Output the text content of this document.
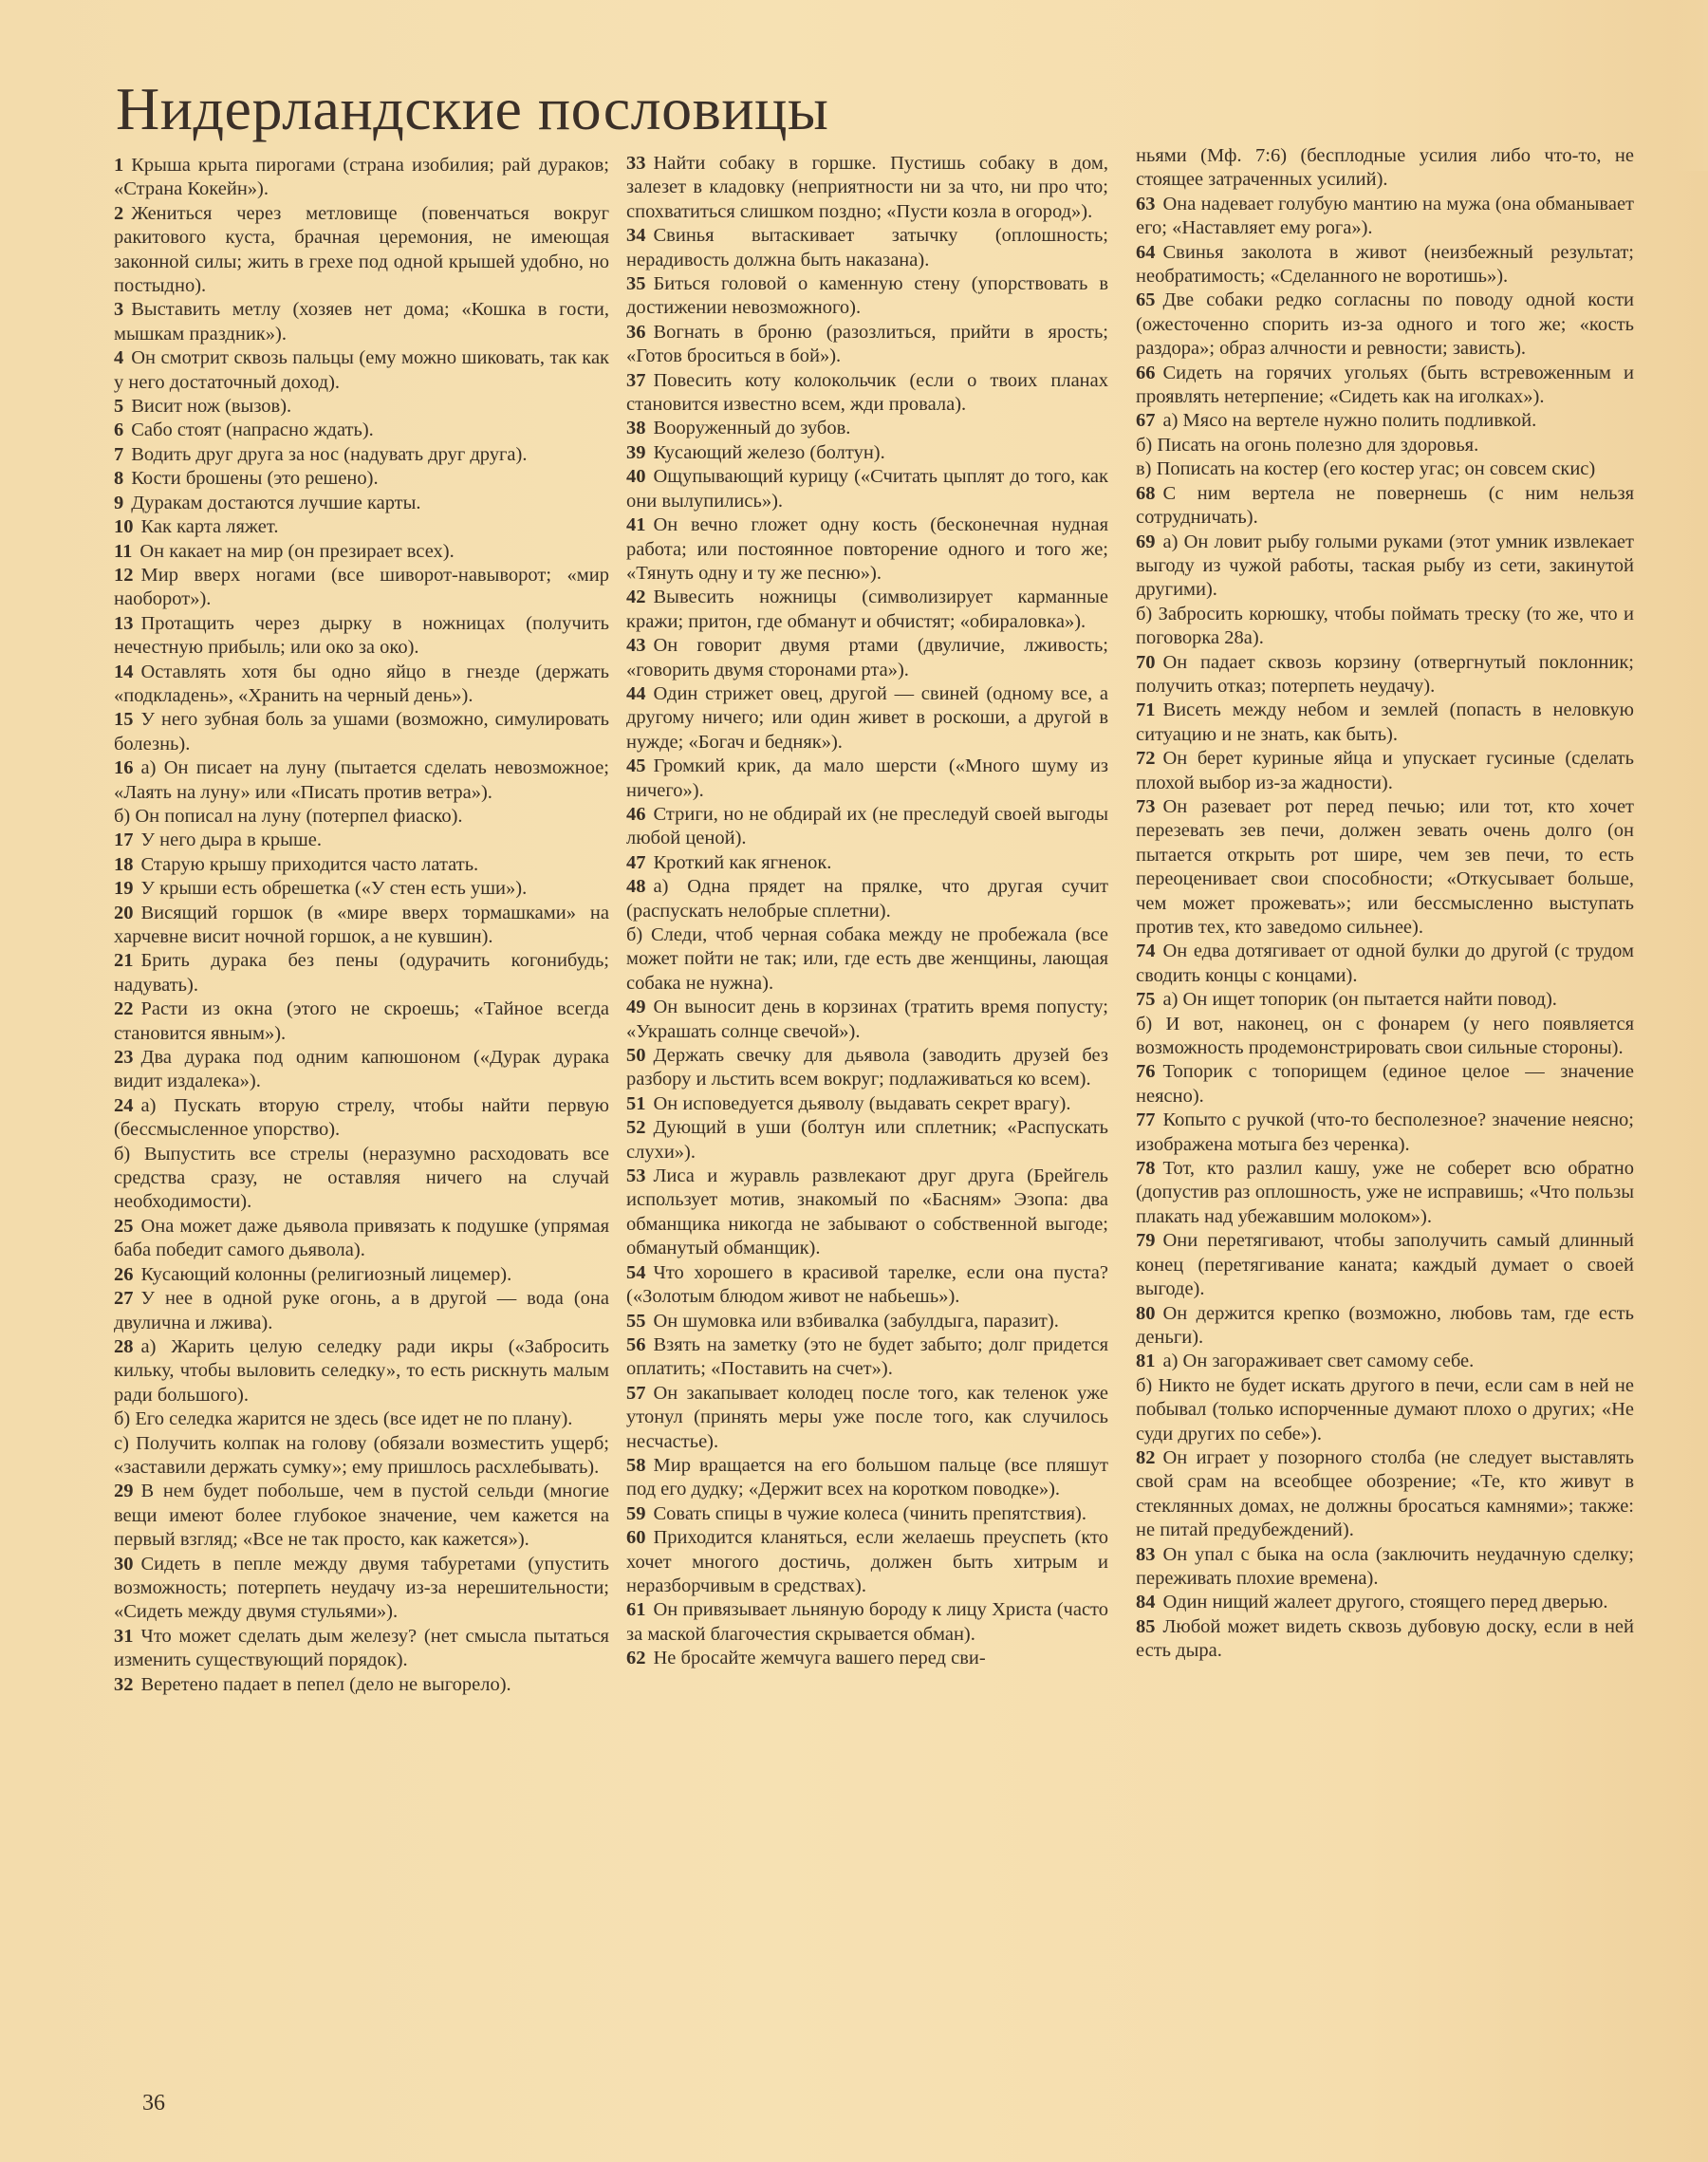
Нидерландские пословицы

1 Крыша крыта пирогами (страна изобилия; рай дураков; «Страна Кокейн»).

2 Жениться через метловище (повенчаться вокруг ракитового куста, брачная церемония, не имеющая законной силы; жить в грехе под одной крышей удобно, но постыдно).

3 Выставить метлу (хозяев нет дома; «Кошка в гости, мышкам праздник»).

4 Он смотрит сквозь пальцы (ему можно шиковать, так как у него достаточный доход).

5 Висит нож (вызов).

6 Сабо стоят (напрасно ждать).

7 Водить друг друга за нос (надувать друг друга).

8 Кости брошены (это решено).

9 Дуракам достаются лучшие карты.

10 Как карта ляжет.

11 Он какает на мир (он презирает всех).

12 Мир вверх ногами (все шиворот-навыворот; «мир наоборот»).

13 Протащить через дырку в ножницах (получить нечестную прибыль; или око за око).

14 Оставлять хотя бы одно яйцо в гнезде (держать «подкладень», «Хранить на черный день»).

15 У него зубная боль за ушами (возможно, симулировать болезнь).

16 а) Он писает на луну (пытается сделать невозможное; «Лаять на луну» или «Писать против ветра»).

б) Он пописал на луну (потерпел фиаско).

17 У него дыра в крыше.

18 Старую крышу приходится часто латать.

19 У крыши есть обрешетка («У стен есть уши»).

20 Висящий горшок (в «мире вверх тормашками» на харчевне висит ночной горшок, а не кувшин).

21 Брить дурака без пены (одурачить когонибудь; надувать).

22 Расти из окна (этого не скроешь; «Тайное всегда становится явным»).

23 Два дурака под одним капюшоном («Дурак дурака видит издалека»).

24 а) Пускать вторую стрелу, чтобы найти первую (бессмысленное упорство).

б) Выпустить все стрелы (неразумно расходовать все средства сразу, не оставляя ничего на случай необходимости).

25 Она может даже дьявола привязать к подушке (упрямая баба победит самого дьявола).

26 Кусающий колонны (религиозный лицемер).

27 У нее в одной руке огонь, а в другой — вода (она двулична и лжива).

28 а) Жарить целую селедку ради икры («Забросить кильку, чтобы выловить селедку», то есть рискнуть малым ради большого).

б) Его селедка жарится не здесь (все идет не по плану).

с) Получить колпак на голову (обязали возместить ущерб; «заставили держать сумку»; ему пришлось расхлебывать).

29 В нем будет побольше, чем в пустой сельди (многие вещи имеют более глубокое значение, чем кажется на первый взгляд; «Все не так просто, как кажется»).

30 Сидеть в пепле между двумя табуретами (упустить возможность; потерпеть неудачу из-за нерешительности; «Сидеть между двумя стульями»).

31 Что может сделать дым железу? (нет смысла пытаться изменить существующий порядок).

32 Веретено падает в пепел (дело не выгорело).

33 Найти собаку в горшке. Пустишь собаку в дом, залезет в кладовку (неприятности ни за что, ни про что; спохватиться слишком поздно; «Пусти козла в огород»).

34 Свинья вытаскивает затычку (оплошность; нерадивость должна быть наказана).

35 Биться головой о каменную стену (упорствовать в достижении невозможного).

36 Вогнать в броню (разозлиться, прийти в ярость; «Готов броситься в бой»).

37 Повесить коту колокольчик (если о твоих планах становится известно всем, жди провала).

38 Вооруженный до зубов.

39 Кусающий железо (болтун).

40 Ощупывающий курицу («Считать цыплят до того, как они вылупились»).

41 Он вечно гложет одну кость (бесконечная нудная работа; или постоянное повторение одного и того же; «Тянуть одну и ту же песню»).

42 Вывесить ножницы (символизирует карманные кражи; притон, где обманут и обчистят; «обираловка»).

43 Он говорит двумя ртами (двуличие, лживость; «говорить двумя сторонами рта»).

44 Один стрижет овец, другой — свиней (одному все, а другому ничего; или один живет в роскоши, а другой в нужде; «Богач и бедняк»).

45 Громкий крик, да мало шерсти («Много шуму из ничего»).

46 Стриги, но не обдирай их (не преследуй своей выгоды любой ценой).

47 Кроткий как ягненок.

48 а) Одна прядет на прялке, что другая сучит (распускать нелобрые сплетни).

б) Следи, чтоб черная собака между не пробежала (все может пойти не так; или, где есть две женщины, лающая собака не нужна).

49 Он выносит день в корзинах (тратить время попусту; «Украшать солнце свечой»).

50 Держать свечку для дьявола (заводить друзей без разбору и льстить всем вокруг; подлаживаться ко всем).

51 Он исповедуется дьяволу (выдавать секрет врагу).

52 Дующий в уши (болтун или сплетник; «Распускать слухи»).

53 Лиса и журавль развлекают друг друга (Брейгель использует мотив, знакомый по «Басням» Эзопа: два обманщика никогда не забывают о собственной выгоде; обманутый обманщик).

54 Что хорошего в красивой тарелке, если она пуста? («Золотым блюдом живот не набьешь»).

55 Он шумовка или взбивалка (забулдыга, паразит).

56 Взять на заметку (это не будет забыто; долг придется оплатить; «Поставить на счет»).

57 Он закапывает колодец после того, как теленок уже утонул (принять меры уже после того, как случилось несчастье).

58 Мир вращается на его большом пальце (все пляшут под его дудку; «Держит всех на коротком поводке»).

59 Совать спицы в чужие колеса (чинить препятствия).

60 Приходится кланяться, если желаешь преуспеть (кто хочет многого достичь, должен быть хитрым и неразборчивым в средствах).

61 Он привязывает льняную бороду к лицу Христа (часто за маской благочестия скрывается обман).

62 Не бросайте жемчуга вашего перед сви-

ньями (Мф. 7:6) (бесплодные усилия либо что-то, не стоящее затраченных усилий).

63 Она надевает голубую мантию на мужа (она обманывает его; «Наставляет ему рога»).

64 Свинья заколота в живот (неизбежный результат; необратимость; «Сделанного не воротишь»).

65 Две собаки редко согласны по поводу одной кости (ожесточенно спорить из-за одного и того же; «кость раздора»; образ алчности и ревности; зависть).

66 Сидеть на горячих угольях (быть встревоженным и проявлять нетерпение; «Сидеть как на иголках»).

67 а) Мясо на вертеле нужно полить подливкой.

б) Писать на огонь полезно для здоровья.

в) Пописать на костер (его костер угас; он совсем скис)

68 С ним вертела не повернешь (с ним нельзя сотрудничать).

69 а) Он ловит рыбу голыми руками (этот умник извлекает выгоду из чужой работы, таская рыбу из сети, закинутой другими).

б) Забросить корюшку, чтобы поймать треску (то же, что и поговорка 28а).

70 Он падает сквозь корзину (отвергнутый поклонник; получить отказ; потерпеть неудачу).

71 Висеть между небом и землей (попасть в неловкую ситуацию и не знать, как быть).

72 Он берет куриные яйца и упускает гусиные (сделать плохой выбор из-за жадности).

73 Он разевает рот перед печью; или тот, кто хочет перезевать зев печи, должен зевать очень долго (он пытается открыть рот шире, чем зев печи, то есть переоценивает свои способности; «Откусывает больше, чем может прожевать»; или бессмысленно выступать против тех, кто заведомо сильнее).

74 Он едва дотягивает от одной булки до другой (с трудом сводить концы с концами).

75 а) Он ищет топорик (он пытается найти повод).

б) И вот, наконец, он с фонарем (у него появляется возможность продемонстрировать свои сильные стороны).

76 Топорик с топорищем (единое целое — значение неясно).

77 Копыто с ручкой (что-то бесполезное? значение неясно; изображена мотыга без черенка).

78 Тот, кто разлил кашу, уже не соберет всю обратно (допустив раз оплошность, уже не исправишь; «Что пользы плакать над убежавшим молоком»).

79 Они перетягивают, чтобы заполучить самый длинный конец (перетягивание каната; каждый думает о своей выгоде).

80 Он держится крепко (возможно, любовь там, где есть деньги).

81 а) Он загораживает свет самому себе.

б) Никто не будет искать другого в печи, если сам в ней не побывал (только испорченные думают плохо о других; «Не суди других по себе»).

82 Он играет у позорного столба (не следует выставлять свой срам на всеобщее обозрение; «Те, кто живут в стеклянных домах, не должны бросаться камнями»; также: не питай предубеждений).

83 Он упал с быка на осла (заключить неудачную сделку; переживать плохие времена).

84 Один нищий жалеет другого, стоящего перед дверью.

85 Любой может видеть сквозь дубовую доску, если в ней есть дыра.

36
